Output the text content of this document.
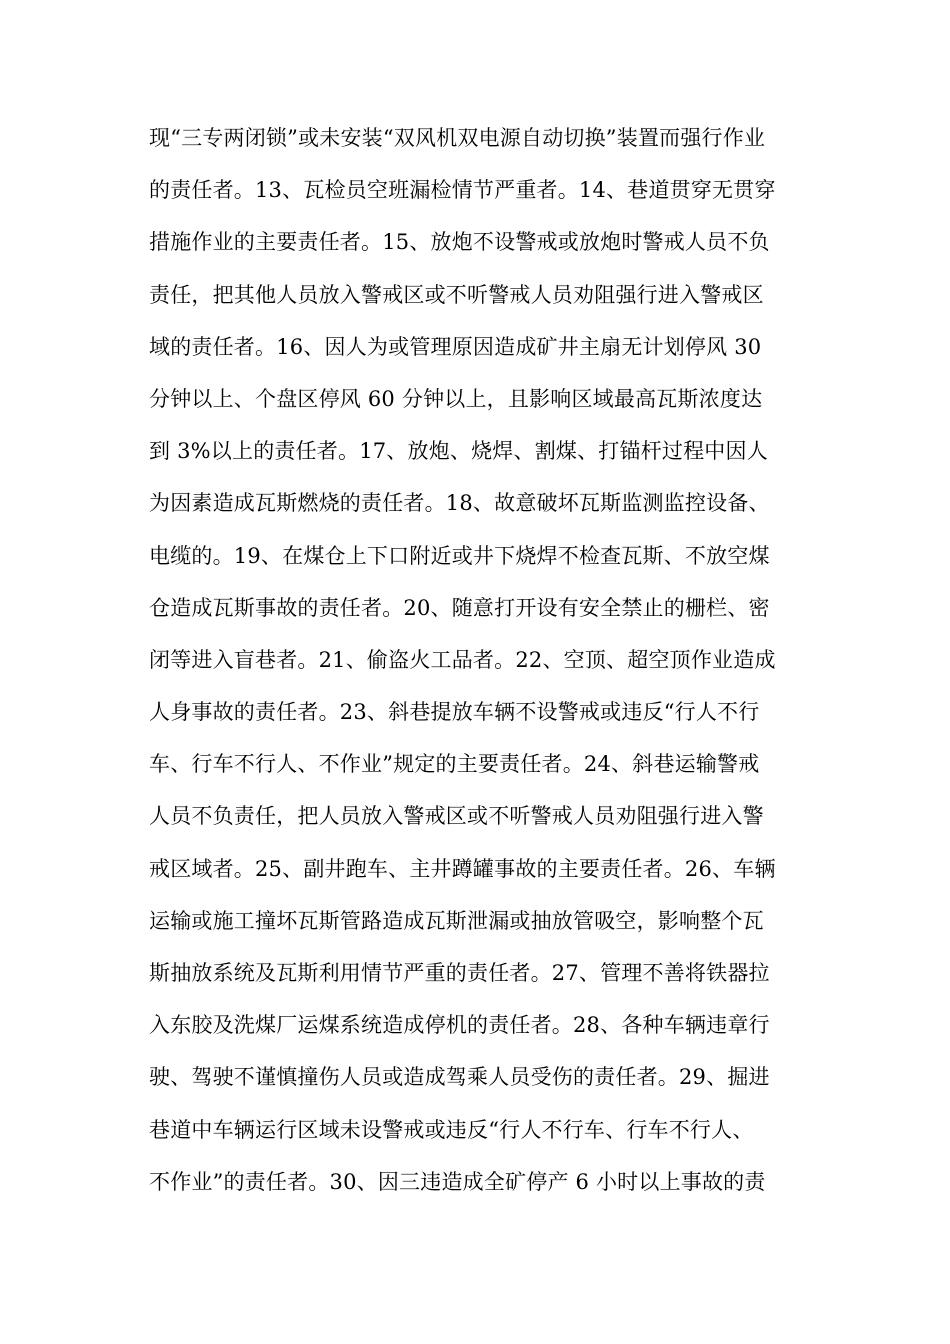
现“三专两闭锁”或未安装“双风机双电源自动切换”装置而强行作业
的责任者。13、瓦检员空班漏检情节严重者。14、巷道贯穿无贯穿
措施作业的主要责任者。15、放炮不设警戒或放炮时警戒人员不负
责任，把其他人员放入警戒区或不听警戒人员劝阻强行进入警戒区
域的责任者。16、因人为或管理原因造成矿井主扇无计划停风 30
分钟以上、个盘区停风 60 分钟以上，且影响区域最高瓦斯浓度达
到 3%以上的责任者。17、放炮、烧焊、割煤、打锚杆过程中因人
为因素造成瓦斯燃烧的责任者。18、故意破坏瓦斯监测监控设备、
电缆的。19、在煤仓上下口附近或井下烧焊不检查瓦斯、不放空煤
仓造成瓦斯事故的责任者。20、随意打开设有安全禁止的栅栏、密
闭等进入盲巷者。21、偷盗火工品者。22、空顶、超空顶作业造成
人身事故的责任者。23、斜巷提放车辆不设警戒或违反“行人不行
车、行车不行人、不作业”规定的主要责任者。24、斜巷运输警戒
人员不负责任，把人员放入警戒区或不听警戒人员劝阻强行进入警
戒区域者。25、副井跑车、主井蹲罐事故的主要责任者。26、车辆
运输或施工撞坏瓦斯管路造成瓦斯泄漏或抽放管吸空，影响整个瓦
斯抽放系统及瓦斯利用情节严重的责任者。27、管理不善将铁器拉
入东胶及洗煤厂运煤系统造成停机的责任者。28、各种车辆违章行
驶、驾驶不谨慎撞伤人员或造成驾乘人员受伤的责任者。29、掘进
巷道中车辆运行区域未设警戒或违反“行人不行车、行车不行人、
不作业”的责任者。30、因三违造成全矿停产 6 小时以上事故的责
